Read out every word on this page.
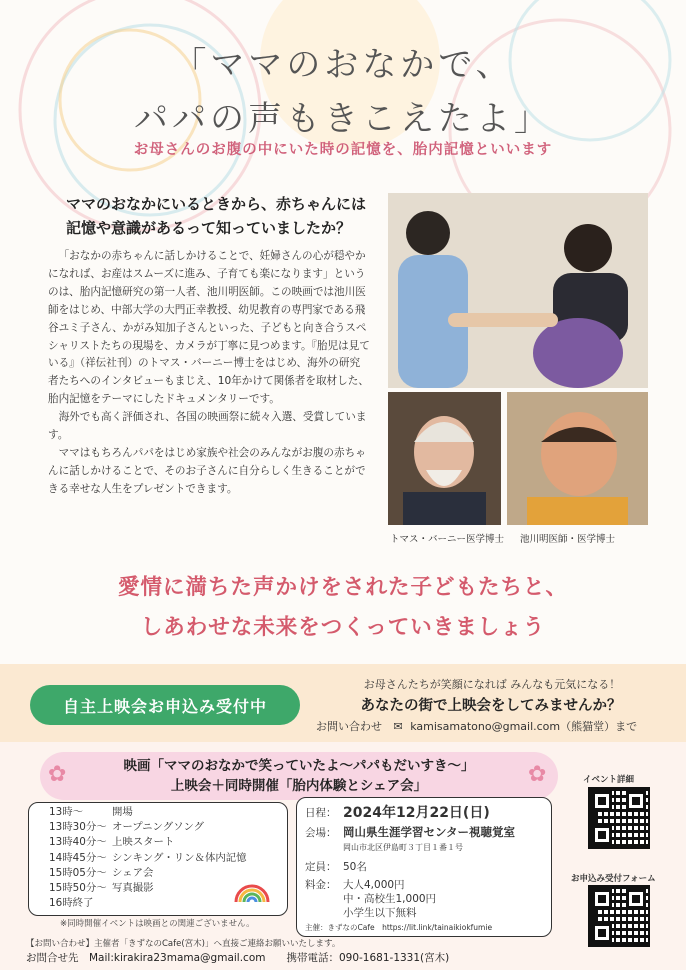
「ママのおなかで、
パパの声もきこえたよ」
お母さんのお腹の中にいた時の記憶を、胎内記憶といいます
ママのおなかにいるときから、赤ちゃんには
記憶や意識があるって知っていましたか？

「おなかの赤ちゃんに話しかけることで、妊婦さんの心が穏やかになれば、お産はスムーズに進み、子育ても楽になります」というのは、胎内記憶研究の第一人者、池川明医師。この映画では池川医師をはじめ、中部大学の大門正幸教授、幼児教育の専門家である飛谷ユミ子さん、かがみ知加子さんといった、子どもと向き合うスペシャリストたちの現場を、カメラが丁寧に見つめます。『胎児は見ている』（祥伝社刊）のトマス・バーニー博士をはじめ、海外の研究者たちへのインタビューもまじえ、10年かけて関係者を取材した、胎内記憶をテーマにしたドキュメンタリーです。

海外でも高く評価され、各国の映画祭に続々入選、受賞しています。

ママはもちろんパパをはじめ家族や社会のみんながお腹の赤ちゃんに話しかけることで、そのお子さんに自分らしく生きることができる幸せな人生をプレゼントできます。

トマス・バーニー医学博士 池川明医師・医学博士
愛情に満ちた声かけをされた子どもたちと、
しあわせな未来をつくっていきましょう
自主上映会お申込み受付中
お母さんたちが笑顔になれば みんなも元気になる！
あなたの街で上映会をしてみませんか？
お問い合わせ ✉ kamisamatono@gmail.com（熊猫堂）まで
✿	✿
映画「ママのおなかで笑っていたよ〜パパもだいすき〜」
上映会＋同時開催「胎内体験とシェア会」
13時〜	開場
13時30分〜 オープニングソング
13時40分〜 上映スタート
14時45分〜 シンキング・リン＆体内記憶
15時05分〜 シェア会
15時50分〜 写真撮影
16時終了
※同時開催イベントは映画との関連ございません。
日程： 2024年12月22日(日)
会場： 岡山県生涯学習センター視聴覚室
岡山市北区伊島町３丁目１番１号
定員： 50名
料金： 大人4,000円
中・高校生1,000円
小学生以下無料
主催：きずなのCafe　https://lit.link/tainaikiokfumie
イベント詳細
お申込み受付フォーム
【お問い合わせ】主催者「きずなのCafe(宮木)」へ直接ご連絡お願いいたします。
お問合せ先　Mail:kirakira23mama@gmail.com　　携帯電話：090-1681-1331(宮木)
